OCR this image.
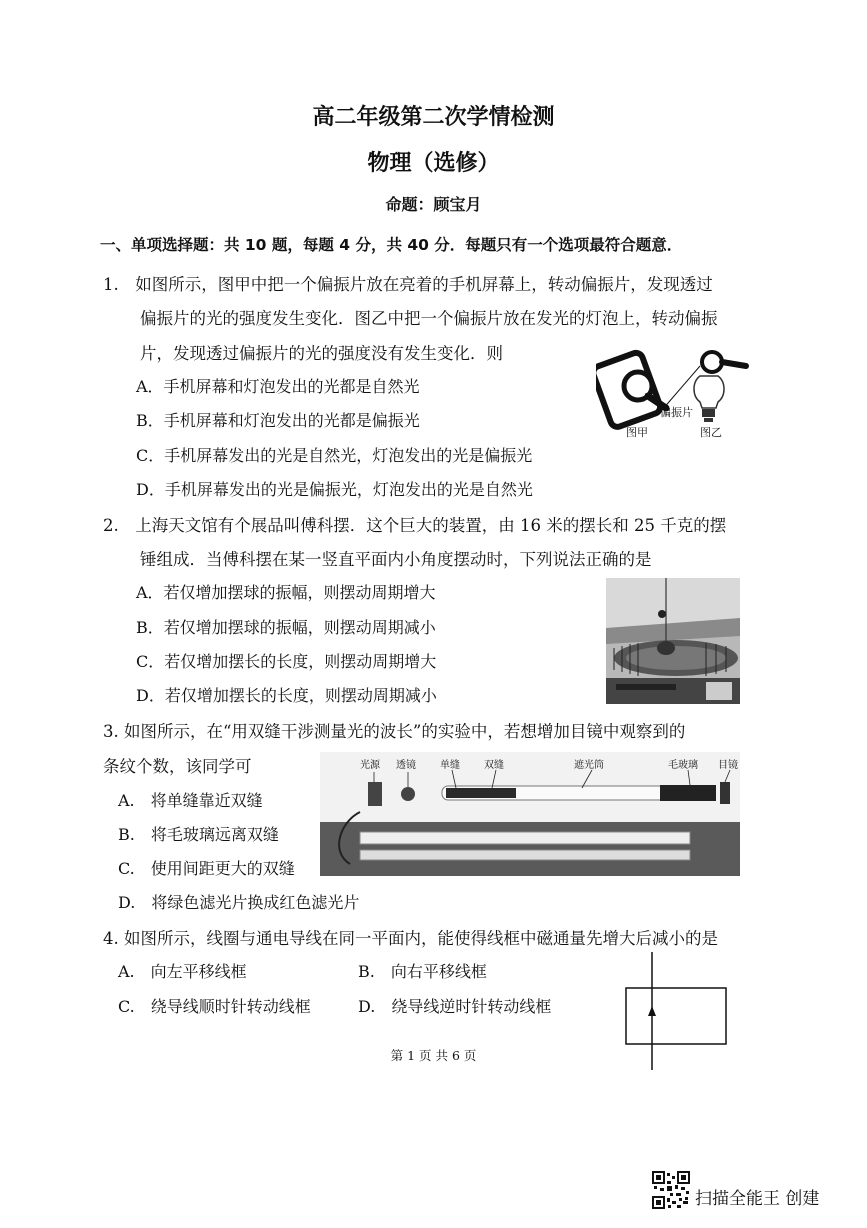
高二年级第二次学情检测
物理（选修）
命题：顾宝月
一、单项选择题：共 10 题，每题 4 分，共 40 分．每题只有一个选项最符合题意．
1.　如图所示，图甲中把一个偏振片放在亮着的手机屏幕上，转动偏振片，发现透过
偏振片的光的强度发生变化．图乙中把一个偏振片放在发光的灯泡上，转动偏振
片，发现透过偏振片的光的强度没有发生变化．则
A．手机屏幕和灯泡发出的光都是自然光
B．手机屏幕和灯泡发出的光都是偏振光
C．手机屏幕发出的光是自然光，灯泡发出的光是偏振光
D．手机屏幕发出的光是偏振光，灯泡发出的光是自然光
偏振片
图甲	图乙
2.　上海天文馆有个展品叫傅科摆．这个巨大的装置，由 16 米的摆长和 25 千克的摆
锤组成．当傅科摆在某一竖直平面内小角度摆动时，下列说法正确的是
A．若仅增加摆球的振幅，则摆动周期增大
B．若仅增加摆球的振幅，则摆动周期减小
C．若仅增加摆长的长度，则摆动周期增大
D．若仅增加摆长的长度，则摆动周期减小
3. 如图所示，在“用双缝干涉测量光的波长”的实验中，若想增加目镜中观察到的
条纹个数，该同学可
A.　将单缝靠近双缝
B.　将毛玻璃远离双缝
C.　使用间距更大的双缝
D.　将绿色滤光片换成红色滤光片
光源 透镜 单缝 双缝	遮光筒	毛玻璃 目镜
4. 如图所示，线圈与通电导线在同一平面内，能使得线框中磁通量先增大后减小的是
A.　向左平移线框	B.　向右平移线框
C.　绕导线顺时针转动线框	D.　绕导线逆时针转动线框
第 1 页 共 6 页
扫描全能王 创建
